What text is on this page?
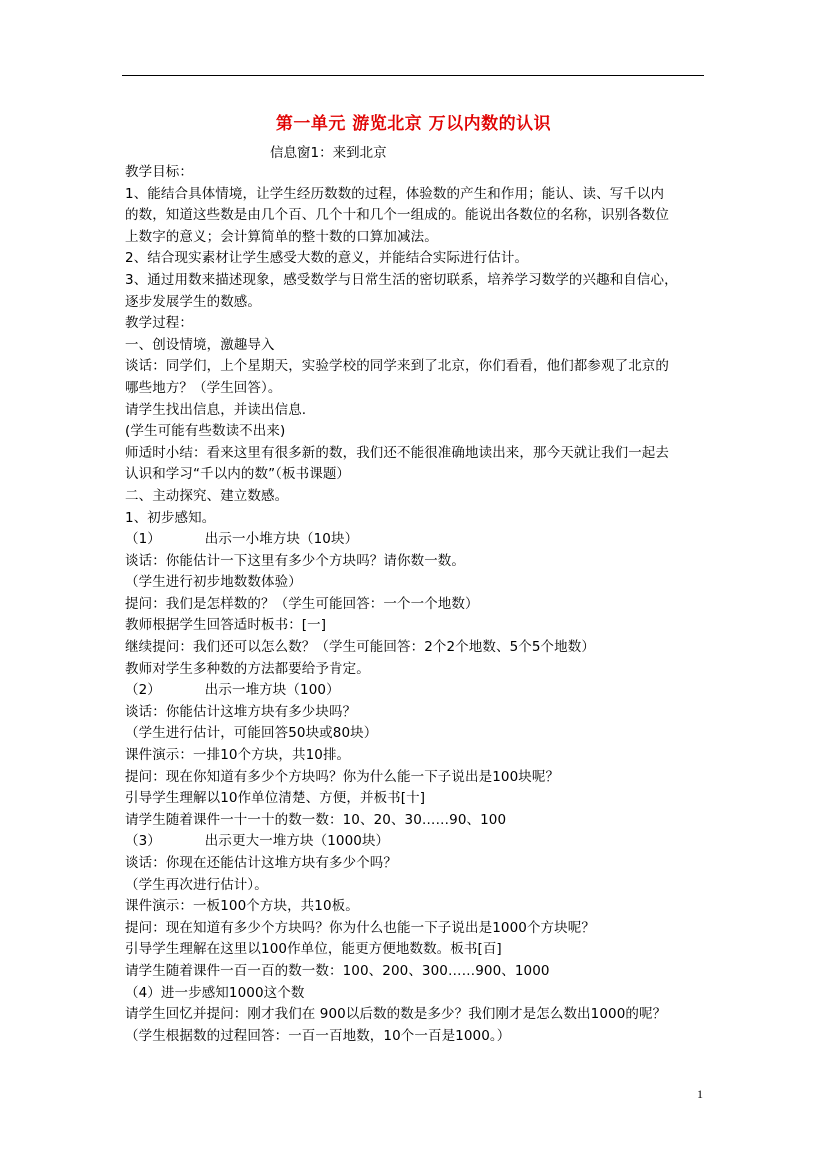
第一单元 游览北京 万以内数的认识
信息窗1：来到北京

教学目标：

1、能结合具体情境，让学生经历数数的过程，体验数的产生和作用；能认、读、写千以内

的数，知道这些数是由几个百、几个十和几个一组成的。能说出各数位的名称，识别各数位

上数字的意义；会计算简单的整十数的口算加减法。

2、结合现实素材让学生感受大数的意义，并能结合实际进行估计。

3、通过用数来描述现象，感受数学与日常生活的密切联系，培养学习数学的兴趣和自信心，

逐步发展学生的数感。

教学过程：

一、创设情境，激趣导入

谈话：同学们，上个星期天，实验学校的同学来到了北京，你们看看，他们都参观了北京的

哪些地方？（学生回答）。

请学生找出信息，并读出信息.

(学生可能有些数读不出来)

师适时小结：看来这里有很多新的数，我们还不能很准确地读出来，那今天就让我们一起去

认识和学习“千以内的数”（板书课题）

二、主动探究、建立数感。

1、初步感知。

（1）          出示一小堆方块（10块）

谈话：你能估计一下这里有多少个方块吗？请你数一数。

（学生进行初步地数数体验）

提问：我们是怎样数的？（学生可能回答：一个一个地数）

教师根据学生回答适时板书：[一]

继续提问：我们还可以怎么数？（学生可能回答：2个2个地数、5个5个地数）

教师对学生多种数的方法都要给予肯定。

（2）          出示一堆方块（100）

谈话：你能估计这堆方块有多少块吗？

（学生进行估计，可能回答50块或80块）

课件演示：一排10个方块，共10排。

提问：现在你知道有多少个方块吗？你为什么能一下子说出是100块呢？

引导学生理解以10作单位清楚、方便，并板书[十]

请学生随着课件一十一十的数一数：10、20、30……90、100

（3）          出示更大一堆方块（1000块）

谈话：你现在还能估计这堆方块有多少个吗？

（学生再次进行估计）。

课件演示：一板100个方块，共10板。

提问：现在知道有多少个方块吗？你为什么也能一下子说出是1000个方块呢？

引导学生理解在这里以100作单位，能更方便地数数。板书[百]

请学生随着课件一百一百的数一数：100、200、300……900、1000

（4）进一步感知1000这个数

请学生回忆并提问：刚才我们在 900以后数的数是多少？我们刚才是怎么数出1000的呢？

（学生根据数的过程回答：一百一百地数，10个一百是1000。）

1
